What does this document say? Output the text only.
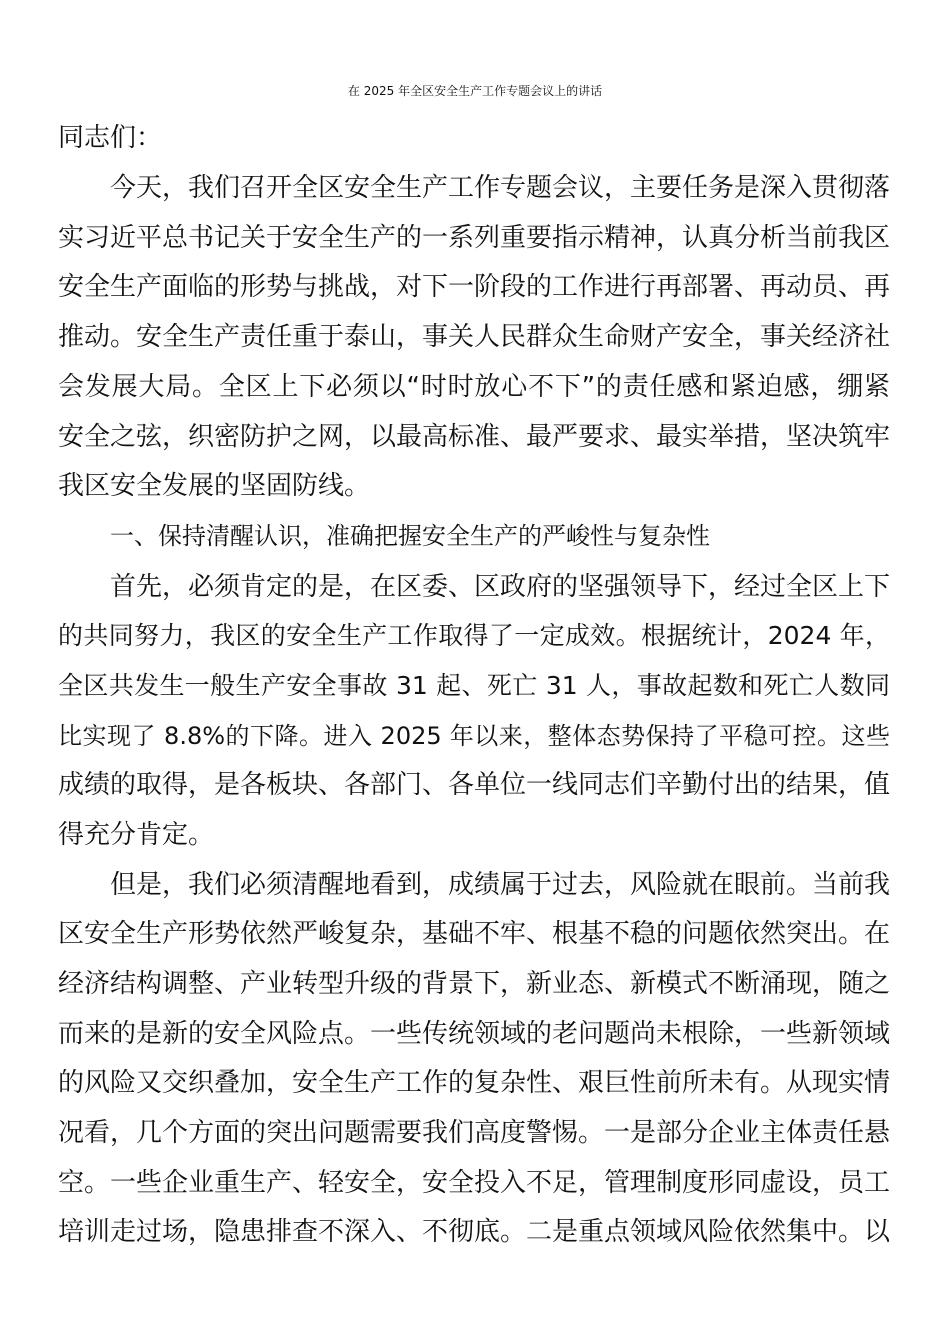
在 2025 年全区安全生产工作专题会议上的讲话

同志们：

今天，我们召开全区安全生产工作专题会议，主要任务是深入贯彻落

实习近平总书记关于安全生产的一系列重要指示精神，认真分析当前我区

安全生产面临的形势与挑战，对下一阶段的工作进行再部署、再动员、再

推动。安全生产责任重于泰山，事关人民群众生命财产安全，事关经济社

会发展大局。全区上下必须以“时时放心不下”的责任感和紧迫感，绷紧

安全之弦，织密防护之网，以最高标准、最严要求、最实举措，坚决筑牢

我区安全发展的坚固防线。

一、保持清醒认识，准确把握安全生产的严峻性与复杂性

首先，必须肯定的是，在区委、区政府的坚强领导下，经过全区上下

的共同努力，我区的安全生产工作取得了一定成效。根据统计，2024 年，

全区共发生一般生产安全事故 31 起、死亡 31 人，事故起数和死亡人数同

比实现了 8.8%的下降。进入 2025 年以来，整体态势保持了平稳可控。这些

成绩的取得，是各板块、各部门、各单位一线同志们辛勤付出的结果，值

得充分肯定。

但是，我们必须清醒地看到，成绩属于过去，风险就在眼前。当前我

区安全生产形势依然严峻复杂，基础不牢、根基不稳的问题依然突出。在

经济结构调整、产业转型升级的背景下，新业态、新模式不断涌现，随之

而来的是新的安全风险点。一些传统领域的老问题尚未根除，一些新领域

的风险又交织叠加，安全生产工作的复杂性、艰巨性前所未有。从现实情

况看，几个方面的突出问题需要我们高度警惕。一是部分企业主体责任悬

空。一些企业重生产、轻安全，安全投入不足，管理制度形同虚设，员工

培训走过场，隐患排查不深入、不彻底。二是重点领域风险依然集中。以
